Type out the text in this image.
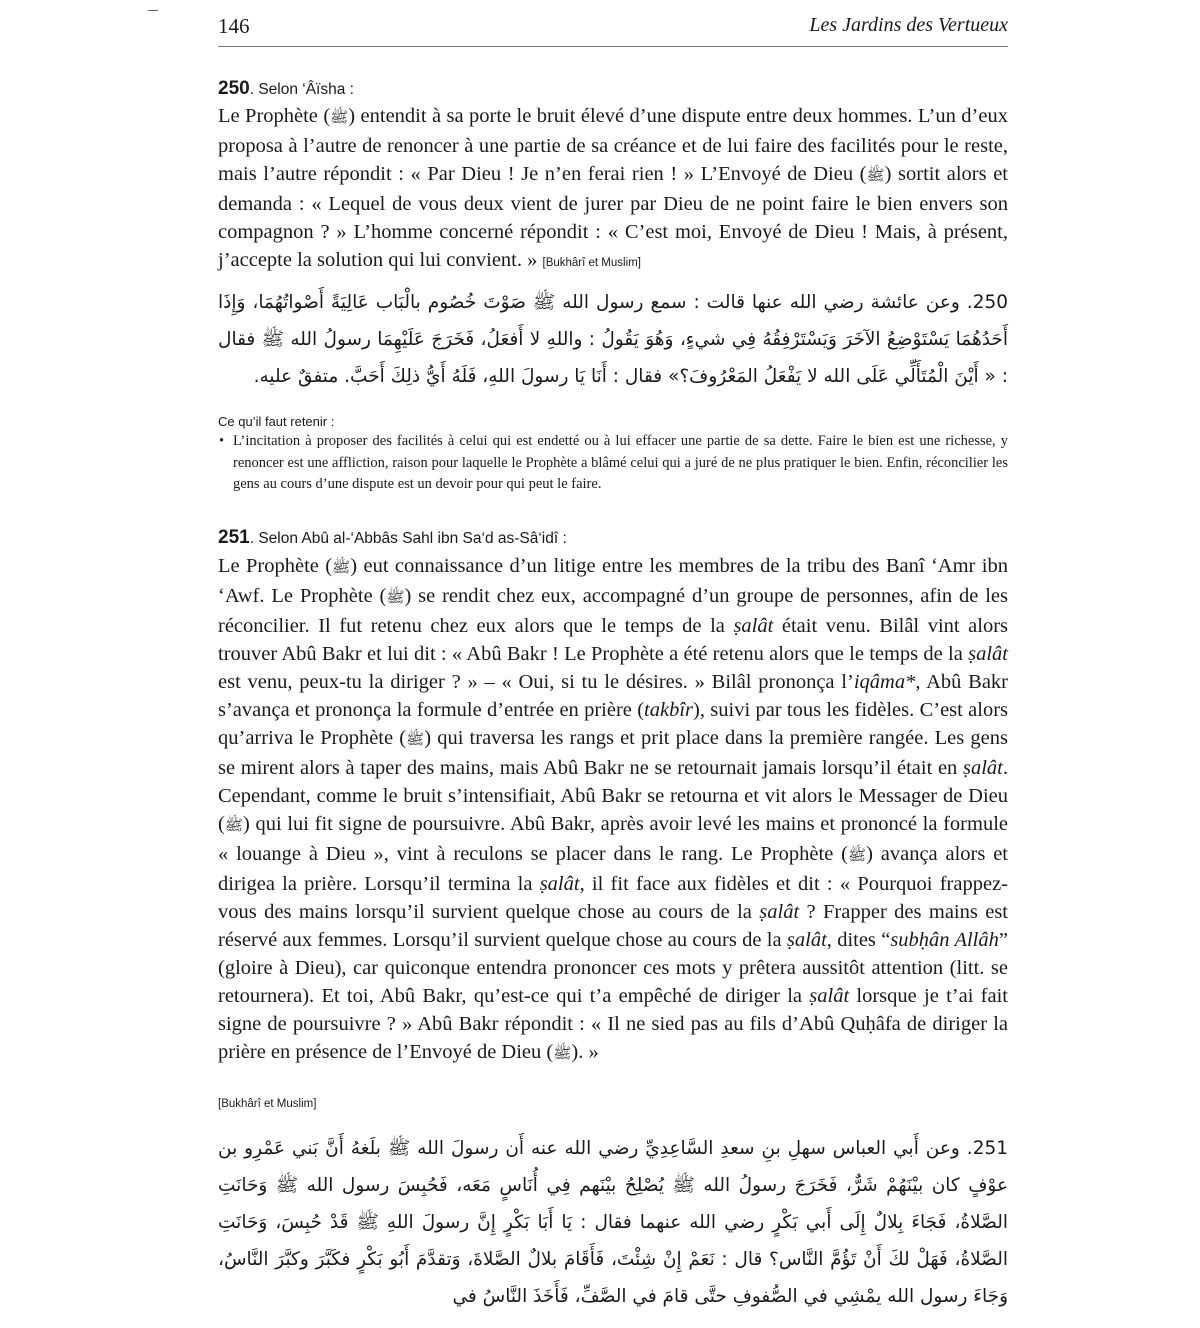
146	Les Jardins des Vertueux

250. Selon ‘Âïsha :

Le Prophète (ﷺ) entendit à sa porte le bruit élevé d’une dispute entre deux hommes. L’un d’eux proposa à l’autre de renoncer à une partie de sa créance et de lui faire des facilités pour le reste, mais l’autre répondit : « Par Dieu ! Je n’en ferai rien ! » L’Envoyé de Dieu (ﷺ) sortit alors et demanda : « Lequel de vous deux vient de jurer par Dieu de ne point faire le bien envers son compagnon ? » L’homme concerné répondit : « C’est moi, Envoyé de Dieu ! Mais, à présent, j’accepte la solution qui lui convient. » [Bukhârî et Muslim]

250. وعن عائشة رضي الله عنها قالت : سمع رسول الله ﷺ صَوْتَ خُصُوم بالْبَاب عَالِيَةً أَصْواتُهُمَا، وَإِذَا أَحَدُهُمَا يَسْتَوْضِعُ الآخَرَ وَيَسْتَرْفِقُهُ فِي شيءٍ، وَهُوَ يَقُولُ : واللهِ لا أَفعَلُ، فَخَرَجَ عَلَيْهِمَا رسولُ الله ﷺ فقال : « أَيْنَ الْمُتَأَلِّي عَلَى الله لا يَفْعَلُ المَعْرُوفَ؟» فقال : أَنَا يَا رسولَ اللهِ، فَلَهُ أَيُّ ذلِكَ أَحَبَّ. متفقٌ عليه.

Ce qu’il faut retenir :

• L’incitation à proposer des facilités à celui qui est endetté ou à lui effacer une partie de sa dette. Faire le bien est une richesse, y renoncer est une affliction, raison pour laquelle le Prophète a blâmé celui qui a juré de ne plus pratiquer le bien. Enfin, réconcilier les gens au cours d’une dispute est un devoir pour qui peut le faire.

251. Selon Abû al-‘Abbâs Sahl ibn Sa‘d as-Sâ‘idî :

Le Prophète (ﷺ) eut connaissance d’un litige entre les membres de la tribu des Banî ‘Amr ibn ‘Awf. Le Prophète (ﷺ) se rendit chez eux, accompagné d’un groupe de personnes, afin de les réconcilier. Il fut retenu chez eux alors que le temps de la ṣalât était venu. Bilâl vint alors trouver Abû Bakr et lui dit : « Abû Bakr ! Le Prophète a été retenu alors que le temps de la ṣalât est venu, peux-tu la diriger ? » – « Oui, si tu le désires. » Bilâl prononça l’iqâma*, Abû Bakr s’avança et prononça la formule d’entrée en prière (takbîr), suivi par tous les fidèles. C’est alors qu’arriva le Prophète (ﷺ) qui traversa les rangs et prit place dans la première rangée. Les gens se mirent alors à taper des mains, mais Abû Bakr ne se retournait jamais lorsqu’il était en ṣalât. Cependant, comme le bruit s’intensifiait, Abû Bakr se retourna et vit alors le Messager de Dieu (ﷺ) qui lui fit signe de poursuivre. Abû Bakr, après avoir levé les mains et prononcé la formule « louange à Dieu », vint à reculons se placer dans le rang. Le Prophète (ﷺ) avança alors et dirigea la prière. Lorsqu’il termina la ṣalât, il fit face aux fidèles et dit : « Pourquoi frappez-vous des mains lorsqu’il survient quelque chose au cours de la ṣalât ? Frapper des mains est réservé aux femmes. Lorsqu’il survient quelque chose au cours de la ṣalât, dites “subḥân Allâh” (gloire à Dieu), car quiconque entendra prononcer ces mots y prêtera aussitôt attention (litt. se retournera). Et toi, Abû Bakr, qu’est-ce qui t’a empêché de diriger la ṣalât lorsque je t’ai fait signe de poursuivre ? » Abû Bakr répondit : « Il ne sied pas au fils d’Abû Quḥâfa de diriger la prière en présence de l’Envoyé de Dieu (ﷺ). »

[Bukhârî et Muslim]

251. وعن أَبي العباس سهلِ بنِ سعدِ السَّاعِدِيِّ رضي الله عنه أَن رسولَ الله ﷺ بلَغهُ أَنَّ بَني عَمْرِو بن عوْفٍ كان بيْنَهُمْ شَرٌّ، فَخَرَجَ رسولُ الله ﷺ يُصْلِحُ بيْنَهم فِي أُنَاسٍ مَعَه، فَحُبِسَ رسول الله ﷺ وَحَانَتِ الصَّلاةُ، فَجَاءَ بِلالٌ إِلَى أَبي بَكْرٍ رضي الله عنهما فقال : يَا أَبَا بَكْرٍ إِنَّ رسولَ اللهِ ﷺ قَدْ حُبِسَ، وَحَانَتِ الصَّلاةُ، فَهَلْ لكَ أَنْ تَؤُمَّ النَّاس؟ قال : نَعَمْ إِنْ شِئْتَ، فَأَقَامَ بلالٌ الصَّلاةَ، وَتقدَّمَ أَبُو بَكْرٍ فكَبَّرَ وكبَّرَ النَّاسُ، وَجَاءَ رسول الله يمْشِي في الصُّفوفِ حتَّى قامَ في الصَّفِّ، فَأَخَذَ النَّاسُ في
